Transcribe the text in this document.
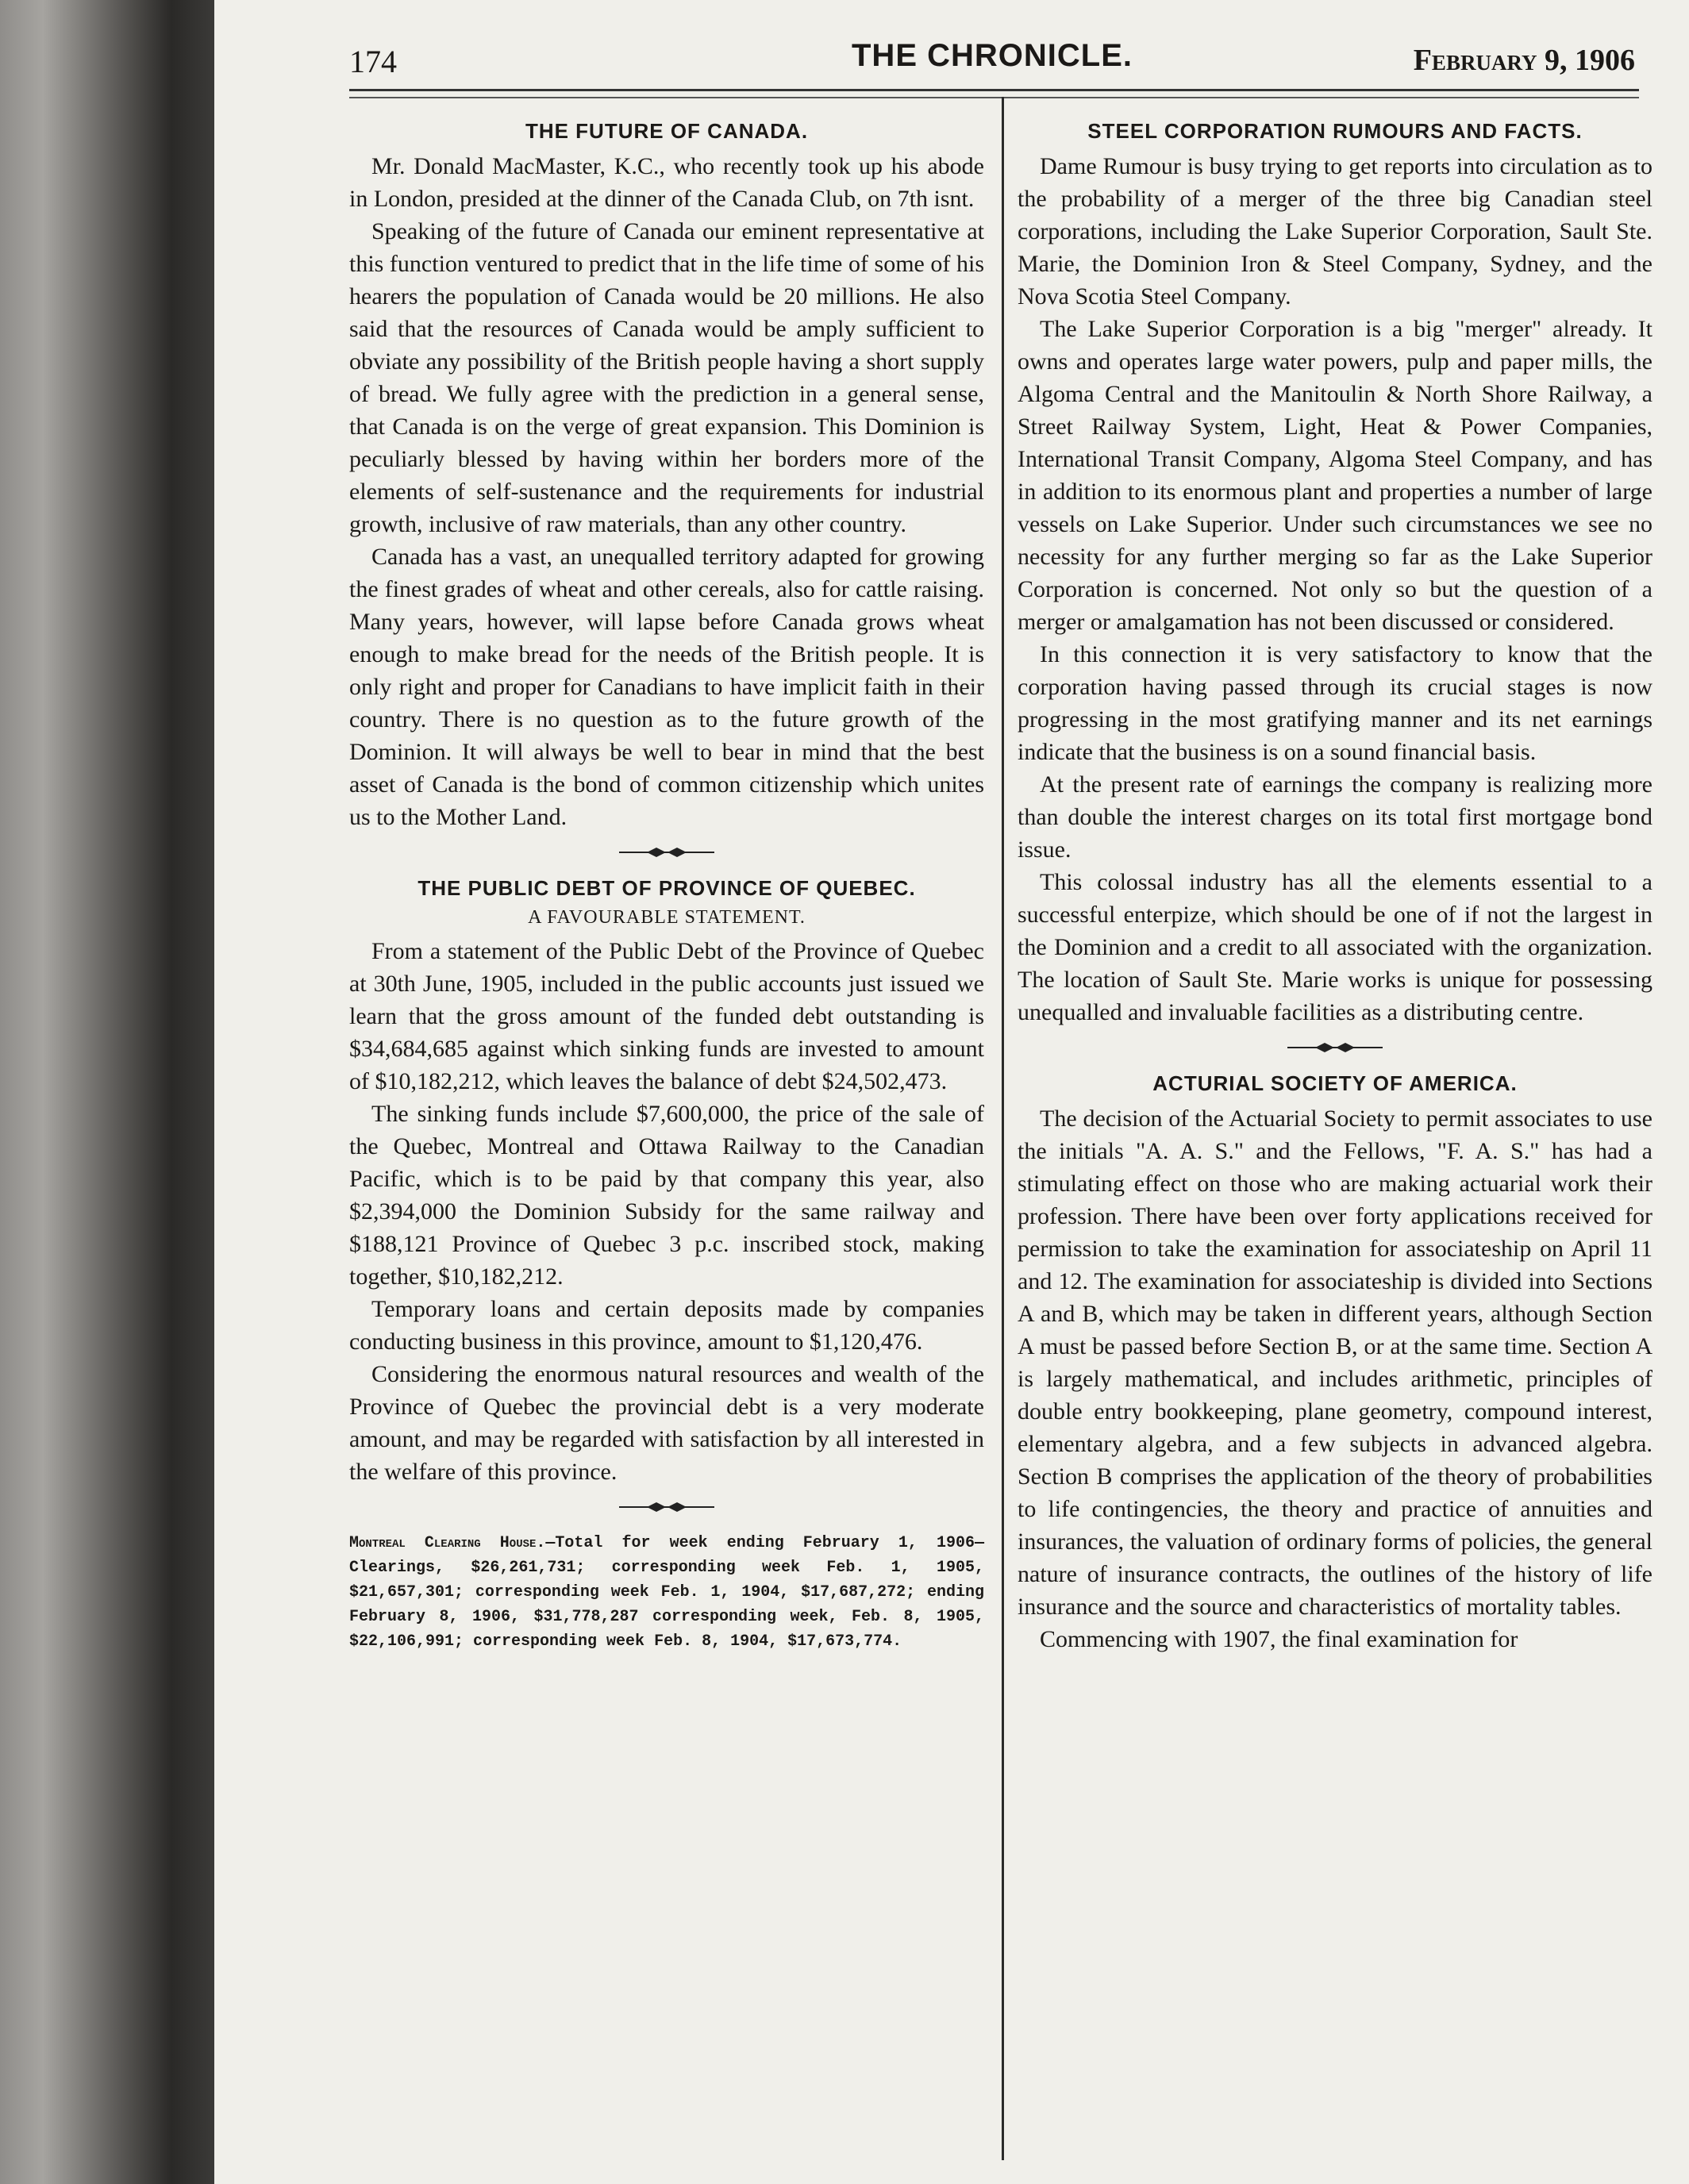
174	THE CHRONICLE.	February 9, 1906
THE FUTURE OF CANADA.

Mr. Donald MacMaster, K.C., who recently took up his abode in London, presided at the dinner of the Canada Club, on 7th isnt.

Speaking of the future of Canada our eminent representative at this function ventured to predict that in the life time of some of his hearers the population of Canada would be 20 millions. He also said that the resources of Canada would be amply sufficient to obviate any possibility of the British people having a short supply of bread. We fully agree with the prediction in a general sense, that Canada is on the verge of great expansion. This Dominion is peculiarly blessed by having within her borders more of the elements of self-sustenance and the requirements for industrial growth, inclusive of raw materials, than any other country.

Canada has a vast, an unequalled territory adapted for growing the finest grades of wheat and other cereals, also for cattle raising. Many years, however, will lapse before Canada grows wheat enough to make bread for the needs of the British people. It is only right and proper for Canadians to have implicit faith in their country. There is no question as to the future growth of the Dominion. It will always be well to bear in mind that the best asset of Canada is the bond of common citizenship which unites us to the Mother Land.

THE PUBLIC DEBT OF PROVINCE OF QUEBEC.
A FAVOURABLE STATEMENT.

From a statement of the Public Debt of the Province of Quebec at 30th June, 1905, included in the public accounts just issued we learn that the gross amount of the funded debt outstanding is $34,684,685 against which sinking funds are invested to amount of $10,182,212, which leaves the balance of debt $24,502,473.

The sinking funds include $7,600,000, the price of the sale of the Quebec, Montreal and Ottawa Railway to the Canadian Pacific, which is to be paid by that company this year, also $2,394,000 the Dominion Subsidy for the same railway and $188,121 Province of Quebec 3 p.c. inscribed stock, making together, $10,182,212.

Temporary loans and certain deposits made by companies conducting business in this province, amount to $1,120,476.

Considering the enormous natural resources and wealth of the Province of Quebec the provincial debt is a very moderate amount, and may be regarded with satisfaction by all interested in the welfare of this province.

Montreal Clearing House.—Total for week ending February 1, 1906—Clearings, $26,261,731; corresponding week Feb. 1, 1905, $21,657,301; corresponding week Feb. 1, 1904, $17,687,272; ending February 8, 1906, $31,778,287 corresponding week, Feb. 8, 1905, $22,106,991; corresponding week Feb. 8, 1904, $17,673,774.

STEEL CORPORATION RUMOURS AND FACTS.

Dame Rumour is busy trying to get reports into circulation as to the probability of a merger of the three big Canadian steel corporations, including the Lake Superior Corporation, Sault Ste. Marie, the Dominion Iron & Steel Company, Sydney, and the Nova Scotia Steel Company.

The Lake Superior Corporation is a big "merger" already. It owns and operates large water powers, pulp and paper mills, the Algoma Central and the Manitoulin & North Shore Railway, a Street Railway System, Light, Heat & Power Companies, International Transit Company, Algoma Steel Company, and has in addition to its enormous plant and properties a number of large vessels on Lake Superior. Under such circumstances we see no necessity for any further merging so far as the Lake Superior Corporation is concerned. Not only so but the question of a merger or amalgamation has not been discussed or considered.

In this connection it is very satisfactory to know that the corporation having passed through its crucial stages is now progressing in the most gratifying manner and its net earnings indicate that the business is on a sound financial basis.

At the present rate of earnings the company is realizing more than double the interest charges on its total first mortgage bond issue.

This colossal industry has all the elements essential to a successful enterpize, which should be one of if not the largest in the Dominion and a credit to all associated with the organization. The location of Sault Ste. Marie works is unique for possessing unequalled and invaluable facilities as a distributing centre.

ACTURIAL SOCIETY OF AMERICA.

The decision of the Actuarial Society to permit associates to use the initials "A. A. S." and the Fellows, "F. A. S." has had a stimulating effect on those who are making actuarial work their profession. There have been over forty applications received for permission to take the examination for associateship on April 11 and 12. The examination for associateship is divided into Sections A and B, which may be taken in different years, although Section A must be passed before Section B, or at the same time. Section A is largely mathematical, and includes arithmetic, principles of double entry bookkeeping, plane geometry, compound interest, elementary algebra, and a few subjects in advanced algebra. Section B comprises the application of the theory of probabilities to life contingencies, the theory and practice of annuities and insurances, the valuation of ordinary forms of policies, the general nature of insurance contracts, the outlines of the history of life insurance and the source and characteristics of mortality tables.

Commencing with 1907, the final examination for
